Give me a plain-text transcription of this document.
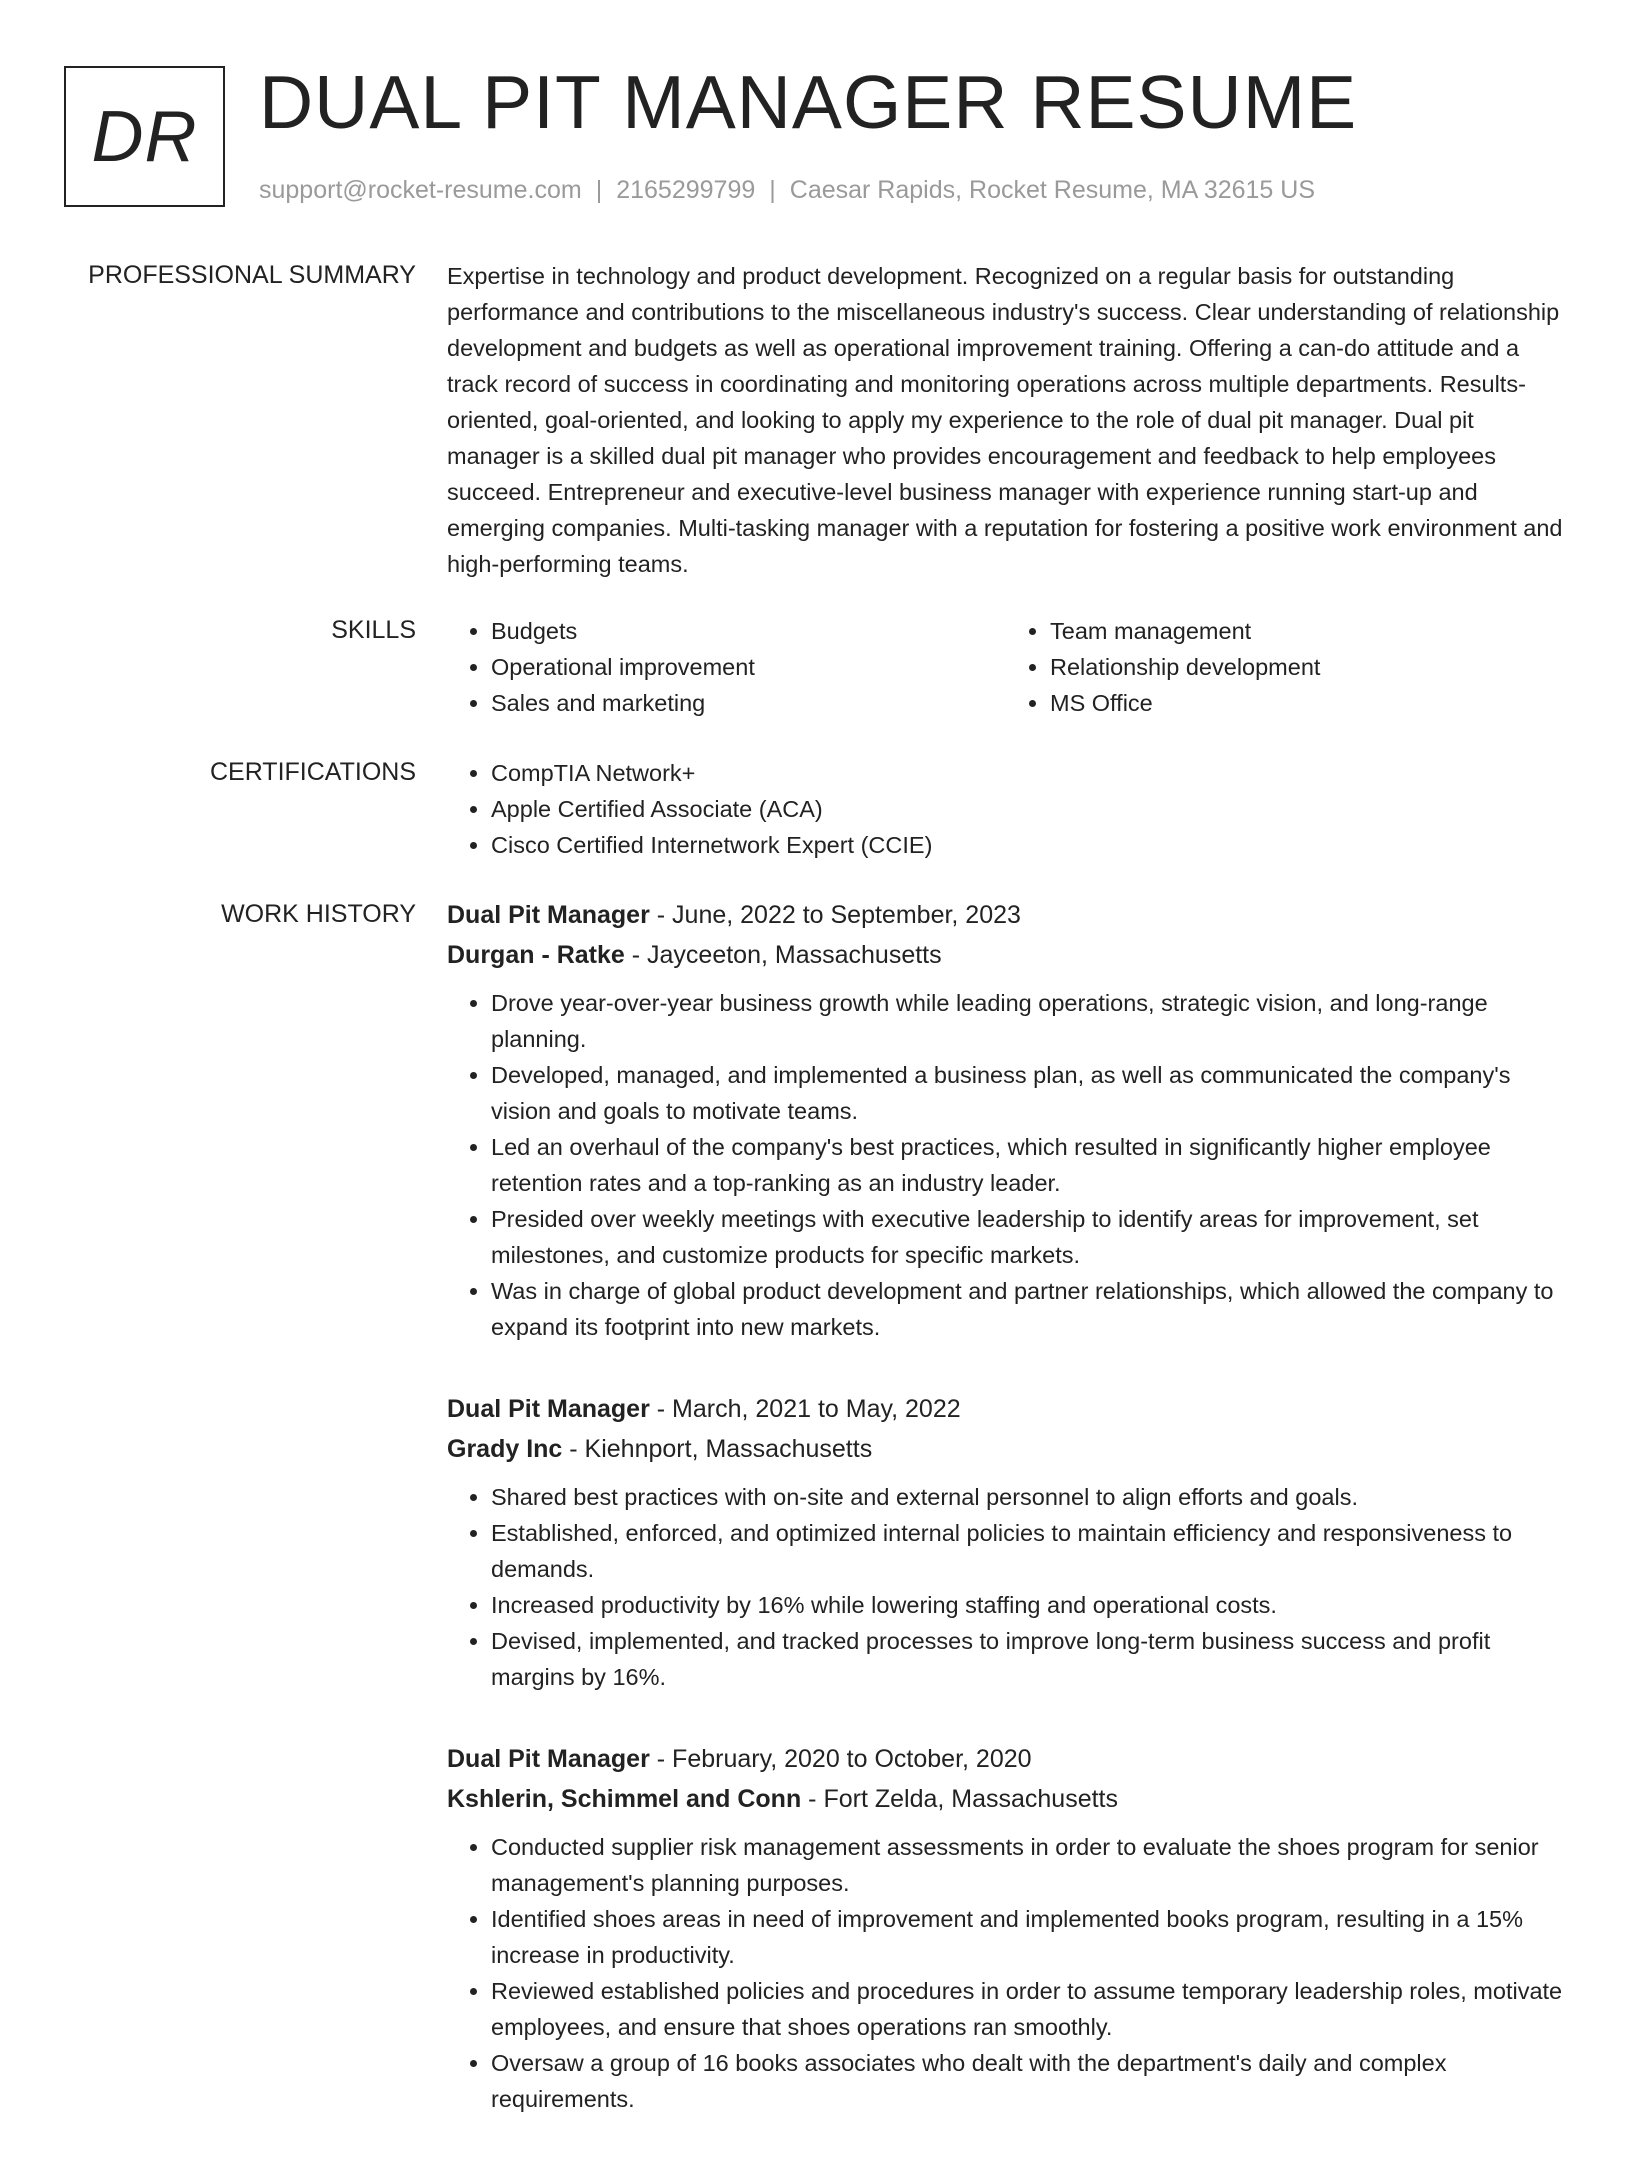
DR DUAL PIT MANAGER RESUME
support@rocket-resume.com | 2165299799 | Caesar Rapids, Rocket Resume, MA 32615 US
PROFESSIONAL SUMMARY Expertise in technology and product development. Recognized on a regular basis for outstanding performance and contributions to the miscellaneous industry's success. Clear understanding of relationship development and budgets as well as operational improvement training. Offering a can-do attitude and a track record of success in coordinating and monitoring operations across multiple departments. Results-oriented, goal-oriented, and looking to apply my experience to the role of dual pit manager. Dual pit manager is a skilled dual pit manager who provides encouragement and feedback to help employees succeed. Entrepreneur and executive-level business manager with experience running start-up and emerging companies. Multi-tasking manager with a reputation for fostering a positive work environment and high-performing teams.

SKILLS	• Budgets
• Operational improvement
• Sales and marketing
• Team management
• Relationship development
• MS Office
CERTIFICATIONS	• CompTIA Network+
• Apple Certified Associate (ACA)
• Cisco Certified Internetwork Expert (CCIE)
WORK HISTORY Dual Pit Manager - June, 2022 to September, 2023
Durgan - Ratke - Jayceeton, Massachusetts
• Drove year-over-year business growth while leading operations, strategic vision, and long-range planning.
• Developed, managed, and implemented a business plan, as well as communicated the company's vision and goals to motivate teams.
• Led an overhaul of the company's best practices, which resulted in significantly higher employee retention rates and a top-ranking as an industry leader.
• Presided over weekly meetings with executive leadership to identify areas for improvement, set milestones, and customize products for specific markets.
• Was in charge of global product development and partner relationships, which allowed the company to expand its footprint into new markets.
Dual Pit Manager - March, 2021 to May, 2022
Grady Inc - Kiehnport, Massachusetts
• Shared best practices with on-site and external personnel to align efforts and goals.
• Established, enforced, and optimized internal policies to maintain efficiency and responsiveness to demands.
• Increased productivity by 16% while lowering staffing and operational costs.
• Devised, implemented, and tracked processes to improve long-term business success and profit margins by 16%.
Dual Pit Manager - February, 2020 to October, 2020
Kshlerin, Schimmel and Conn - Fort Zelda, Massachusetts
• Conducted supplier risk management assessments in order to evaluate the shoes program for senior management's planning purposes.
• Identified shoes areas in need of improvement and implemented books program, resulting in a 15% increase in productivity.
• Reviewed established policies and procedures in order to assume temporary leadership roles, motivate employees, and ensure that shoes operations ran smoothly.
• Oversaw a group of 16 books associates who dealt with the department's daily and complex requirements.
